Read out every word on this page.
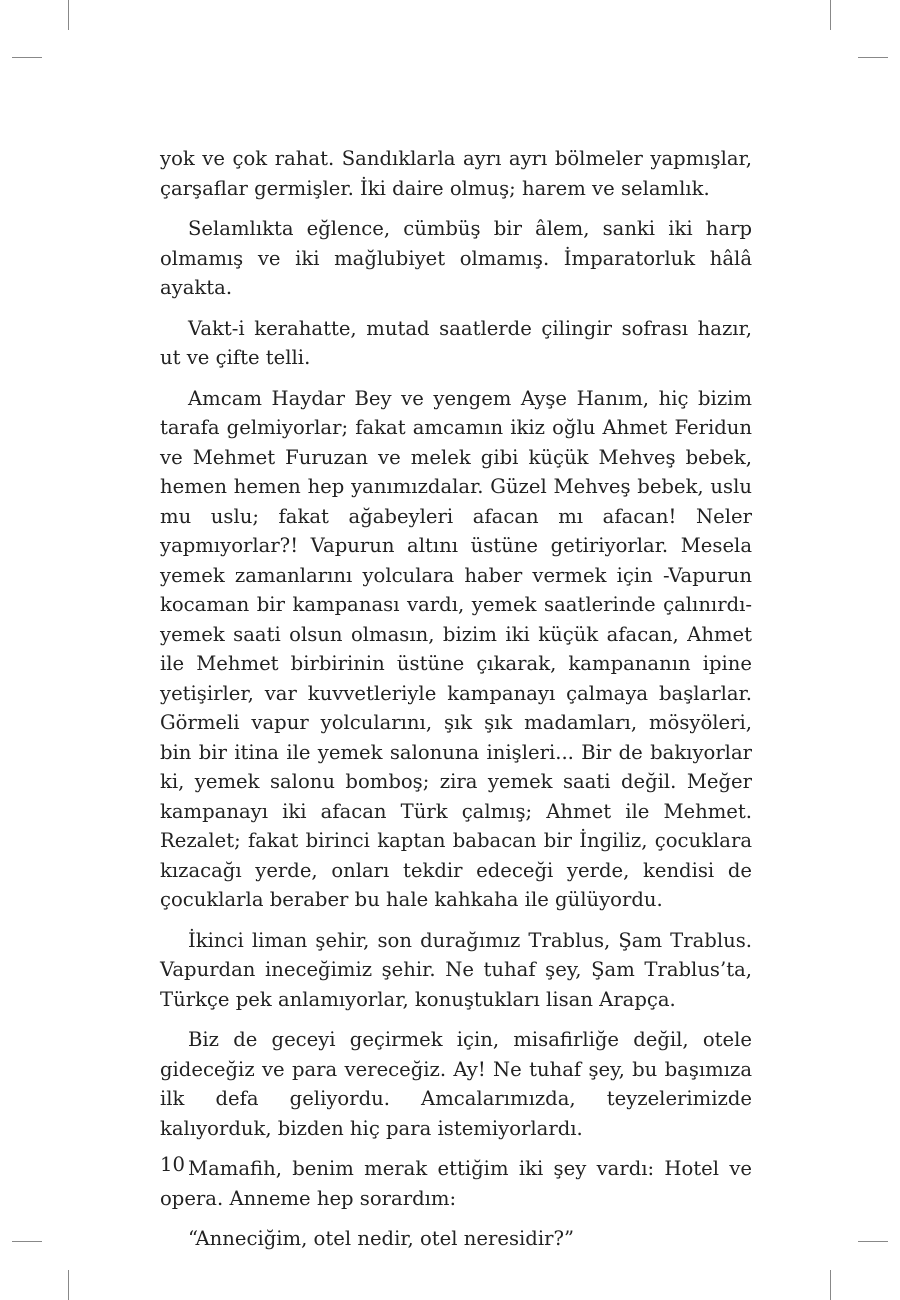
yok ve çok rahat. Sandıklarla ayrı ayrı bölmeler yapmışlar, çarşaflar germişler. İki daire olmuş; harem ve selamlık.

Selamlıkta eğlence, cümbüş bir âlem, sanki iki harp olmamış ve iki mağlubiyet olmamış. İmparatorluk hâlâ ayakta.

Vakt-i kerahatte, mutad saatlerde çilingir sofrası hazır, ut ve çifte telli.

Amcam Haydar Bey ve yengem Ayşe Hanım, hiç bizim tarafa gelmiyorlar; fakat amcamın ikiz oğlu Ahmet Feridun ve Mehmet Furuzan ve melek gibi küçük Mehveş bebek, hemen hemen hep yanımızdalar. Güzel Mehveş bebek, uslu mu uslu; fakat ağabeyleri afacan mı afacan! Neler yapmıyorlar?! Vapurun altını üstüne getiriyorlar. Mesela yemek zamanlarını yolculara haber vermek için -Vapurun kocaman bir kampanası vardı, yemek saatlerinde çalınırdı- yemek saati olsun olmasın, bizim iki küçük afacan, Ahmet ile Mehmet birbirinin üstüne çıkarak, kampananın ipine yetişirler, var kuvvetleriyle kampanayı çalmaya başlarlar. Görmeli vapur yolcularını, şık şık madamları, mösyöleri, bin bir itina ile yemek salonuna inişleri... Bir de bakıyorlar ki, yemek salonu bomboş; zira yemek saati değil. Meğer kampanayı iki afacan Türk çalmış; Ahmet ile Mehmet. Rezalet; fakat birinci kaptan babacan bir İngiliz, çocuklara kızacağı yerde, onları tekdir edeceği yerde, kendisi de çocuklarla beraber bu hale kahkaha ile gülüyordu.

İkinci liman şehir, son durağımız Trablus, Şam Trablus. Vapurdan ineceğimiz şehir. Ne tuhaf şey, Şam Trablus’ta, Türkçe pek anlamıyorlar, konuştukları lisan Arapça.

Biz de geceyi geçirmek için, misafirliğe değil, otele gideceğiz ve para vereceğiz. Ay! Ne tuhaf şey, bu başımıza ilk defa geliyordu. Amcalarımızda, teyzelerimizde kalıyorduk, bizden hiç para istemiyorlardı.

Mamafih, benim merak ettiğim iki şey vardı: Hotel ve opera. Anneme hep sorardım:

“Anneciğim, otel nedir, otel neresidir?”

10
